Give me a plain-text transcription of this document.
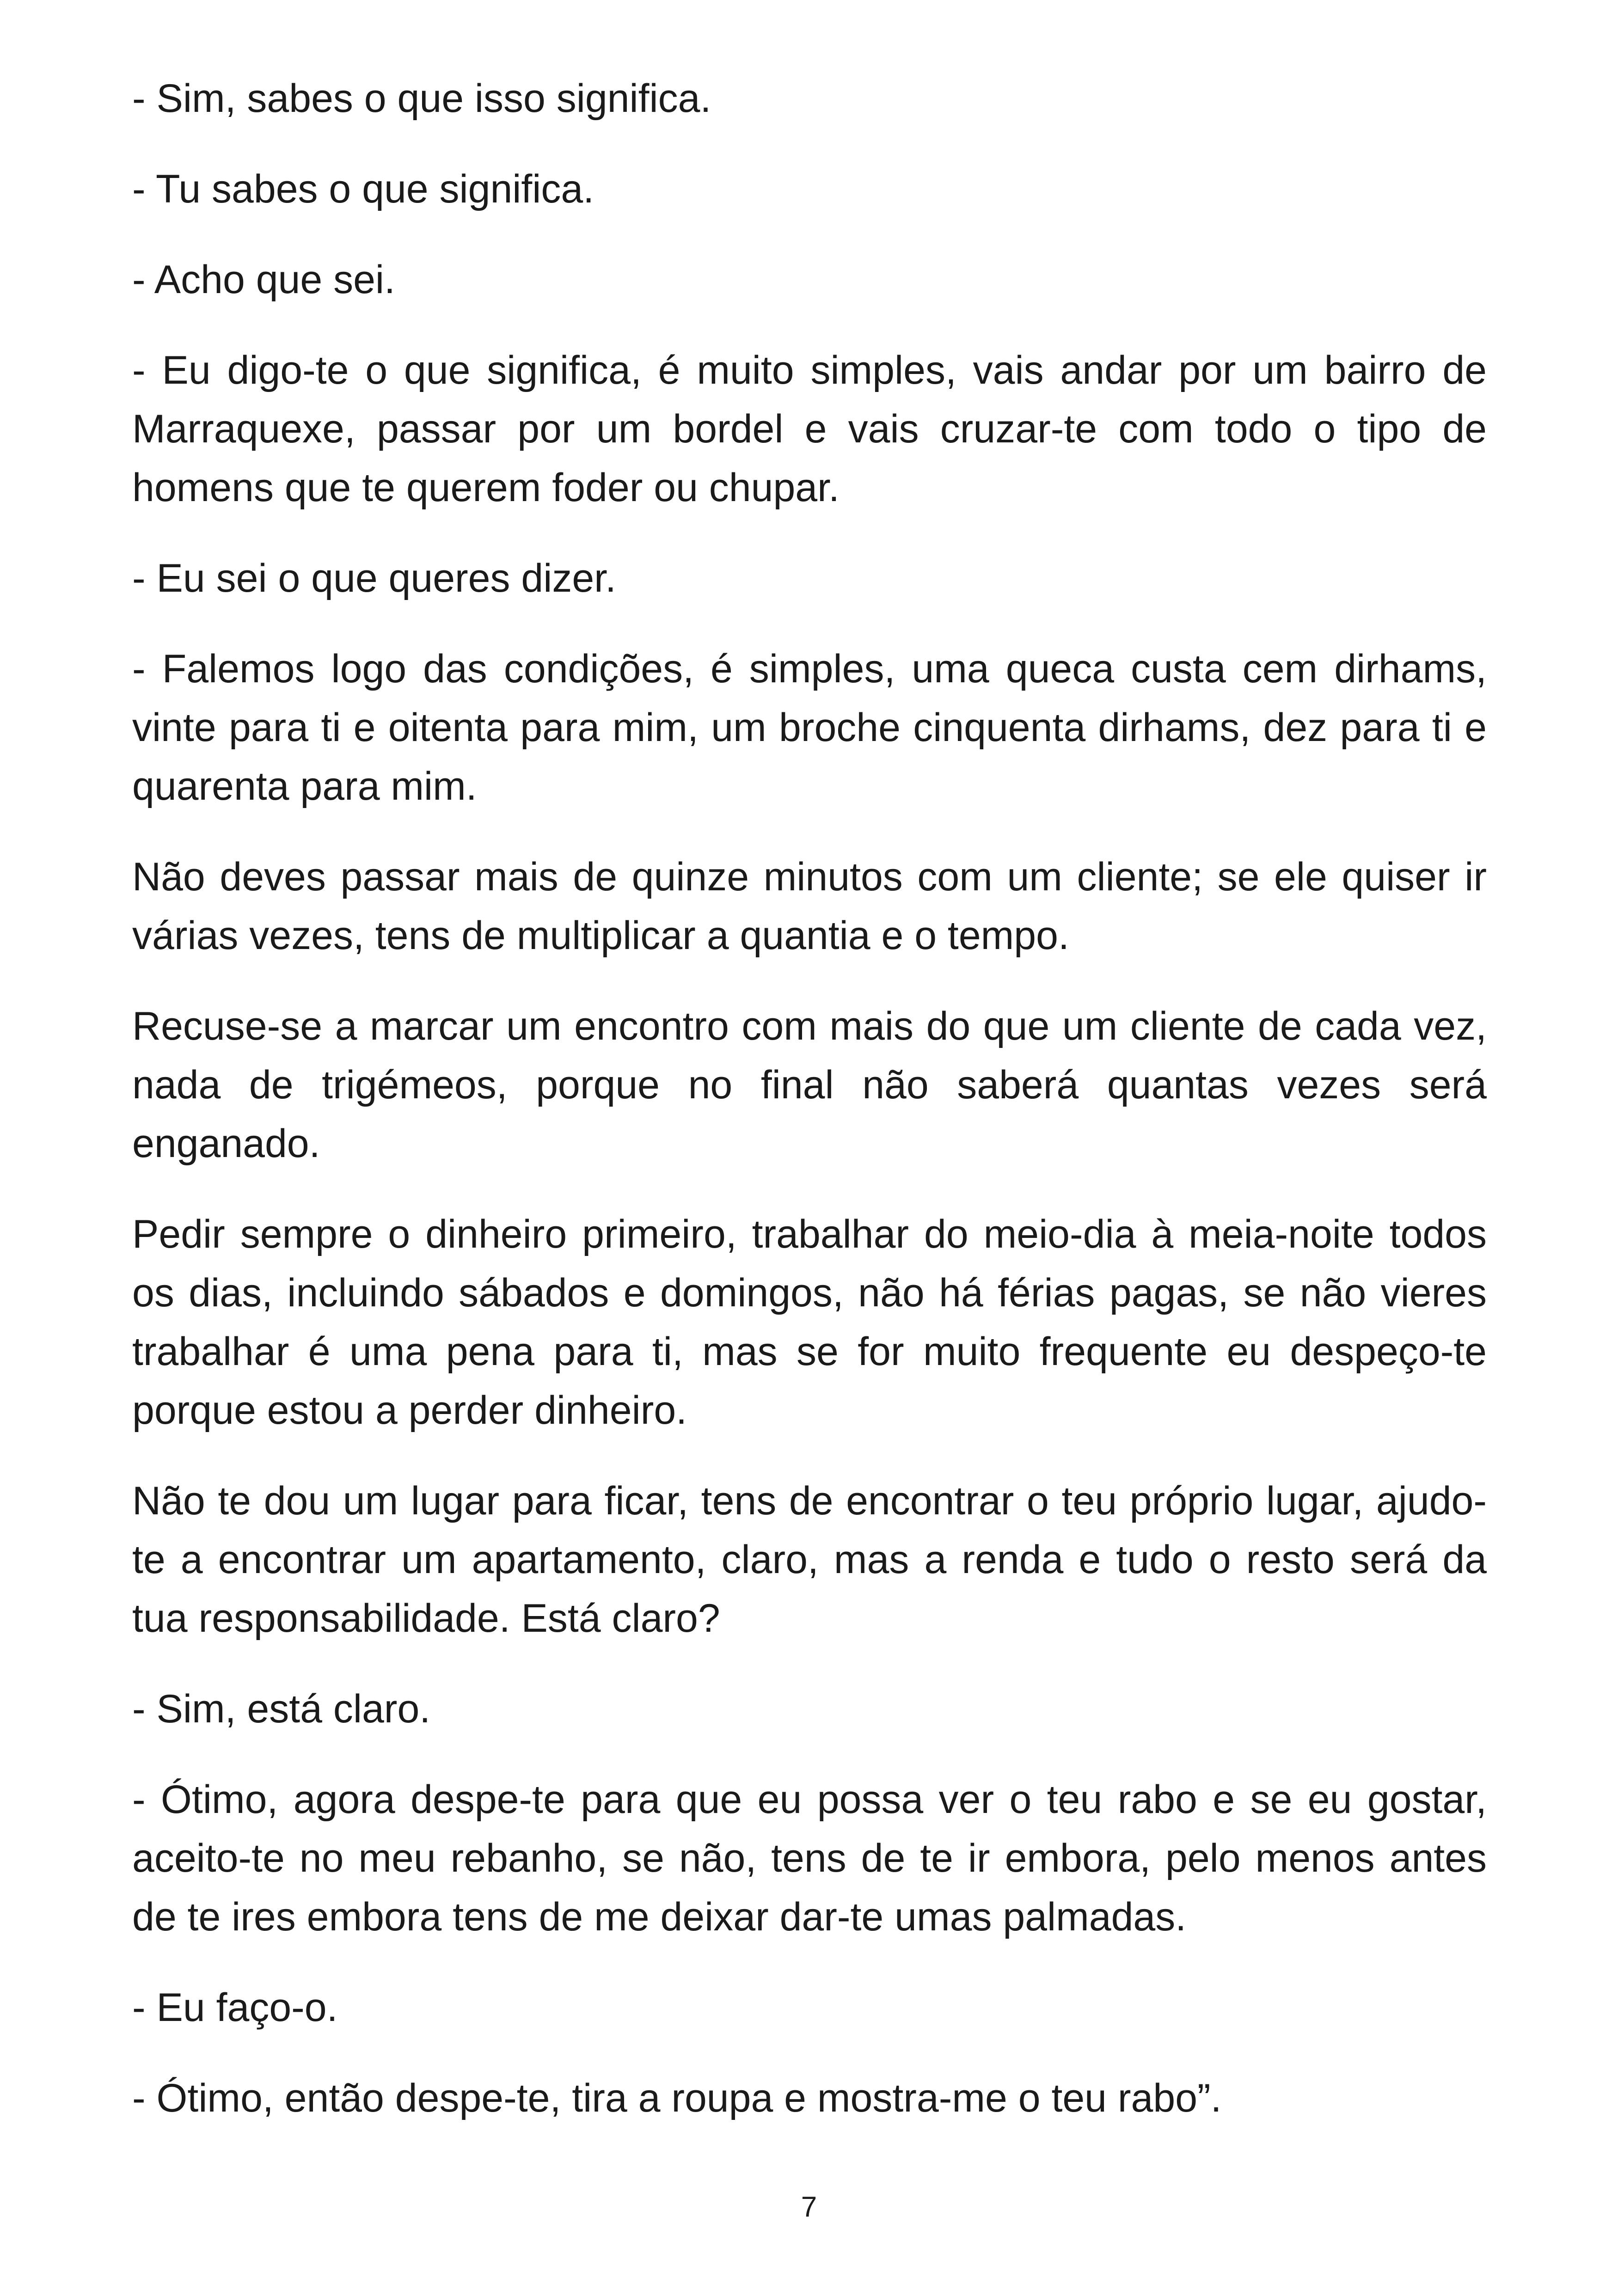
- Sim, sabes o que isso significa.

- Tu sabes o que significa.

- Acho que sei.

- Eu digo-te o que significa, é muito simples, vais andar por um bairro de Marraquexe, passar por um bordel e vais cruzar-te com todo o tipo de homens que te querem foder ou chupar.

- Eu sei o que queres dizer.

- Falemos logo das condições, é simples, uma queca custa cem dirhams, vinte para ti e oitenta para mim, um broche cinquenta dirhams, dez para ti e quarenta para mim.

Não deves passar mais de quinze minutos com um cliente; se ele quiser ir várias vezes, tens de multiplicar a quantia e o tempo.

Recuse-se a marcar um encontro com mais do que um cliente de cada vez, nada de trigémeos, porque no final não saberá quantas vezes será enganado.

Pedir sempre o dinheiro primeiro, trabalhar do meio-dia à meia-noite todos os dias, incluindo sábados e domingos, não há férias pagas, se não vieres trabalhar é uma pena para ti, mas se for muito frequente eu despeço-te porque estou a perder dinheiro.

Não te dou um lugar para ficar, tens de encontrar o teu próprio lugar, ajudo-te a encontrar um apartamento, claro, mas a renda e tudo o resto será da tua responsabilidade. Está claro?

- Sim, está claro.

- Ótimo, agora despe-te para que eu possa ver o teu rabo e se eu gostar, aceito-te no meu rebanho, se não, tens de te ir embora, pelo menos antes de te ires embora tens de me deixar dar-te umas palmadas.

- Eu faço-o.

- Ótimo, então despe-te, tira a roupa e mostra-me o teu rabo”.

7
